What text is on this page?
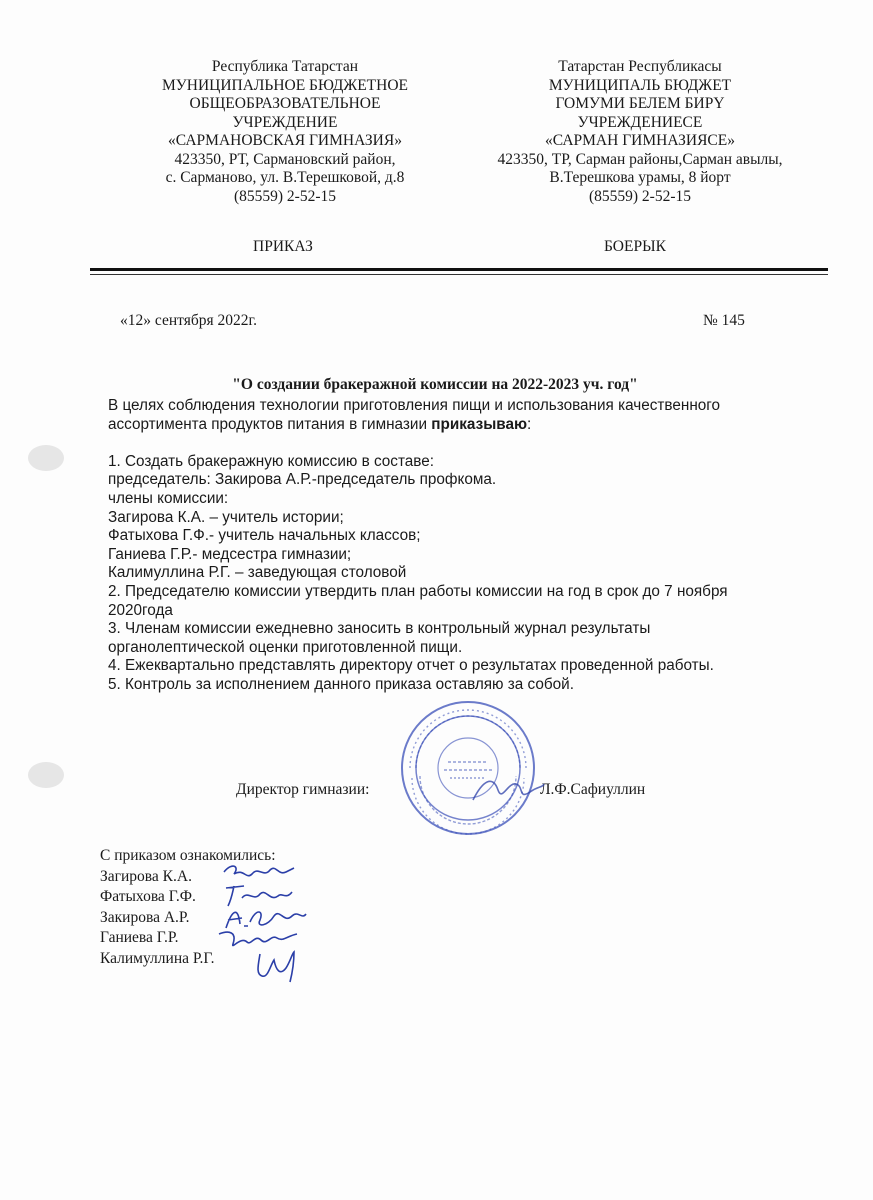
Республика Татарстан
МУНИЦИПАЛЬНОЕ БЮДЖЕТНОЕ
ОБЩЕОБРАЗОВАТЕЛЬНОЕ
УЧРЕЖДЕНИЕ
«САРМАНОВСКАЯ ГИМНАЗИЯ»
423350, РТ, Сармановский район,
с. Сарманово, ул. В.Терешковой, д.8
(85559) 2-52-15
ПРИКАЗ
Татарстан Республикасы
МУНИЦИПАЛЬ БЮДЖЕТ
ГОМУМИ БЕЛЕМ БИРҮ
УЧРЕЖДЕНИЕСЕ
«САРМАН ГИМНАЗИЯСЕ»
423350, ТР, Сарман районы,Сарман авылы,
В.Терешкова урамы, 8 йорт
(85559) 2-52-15
БОЕРЫК
«12» сентября 2022г.	№ 145
"О создании бракеражной комиссии на 2022-2023 уч. год"

В целях соблюдения технологии приготовления пищи и использования качественного ассортимента продуктов питания в гимназии приказываю:

1. Создать бракеражную комиссию в составе:

председатель: Закирова А.Р.-председатель профкома.

члены комиссии:

Загирова К.А. – учитель истории;

Фатыхова Г.Ф.- учитель начальных классов;

Ганиева Г.Р.- медсестра гимназии;

Калимуллина Р.Г. – заведующая столовой

2. Председателю комиссии утвердить план работы комиссии на год в срок до 7 ноября 2020года

3. Членам комиссии ежедневно заносить в контрольный журнал результаты органолептической оценки приготовленной пищи.

4. Ежеквартально представлять директору отчет о результатах проведенной работы.

5. Контроль за исполнением данного приказа оставляю за собой.

Директор гимназии:	Л.Ф.Сафиуллин
С приказом ознакомились:
Загирова К.А.
Фатыхова Г.Ф.
Закирова А.Р.
Ганиева Г.Р.
Калимуллина Р.Г.
